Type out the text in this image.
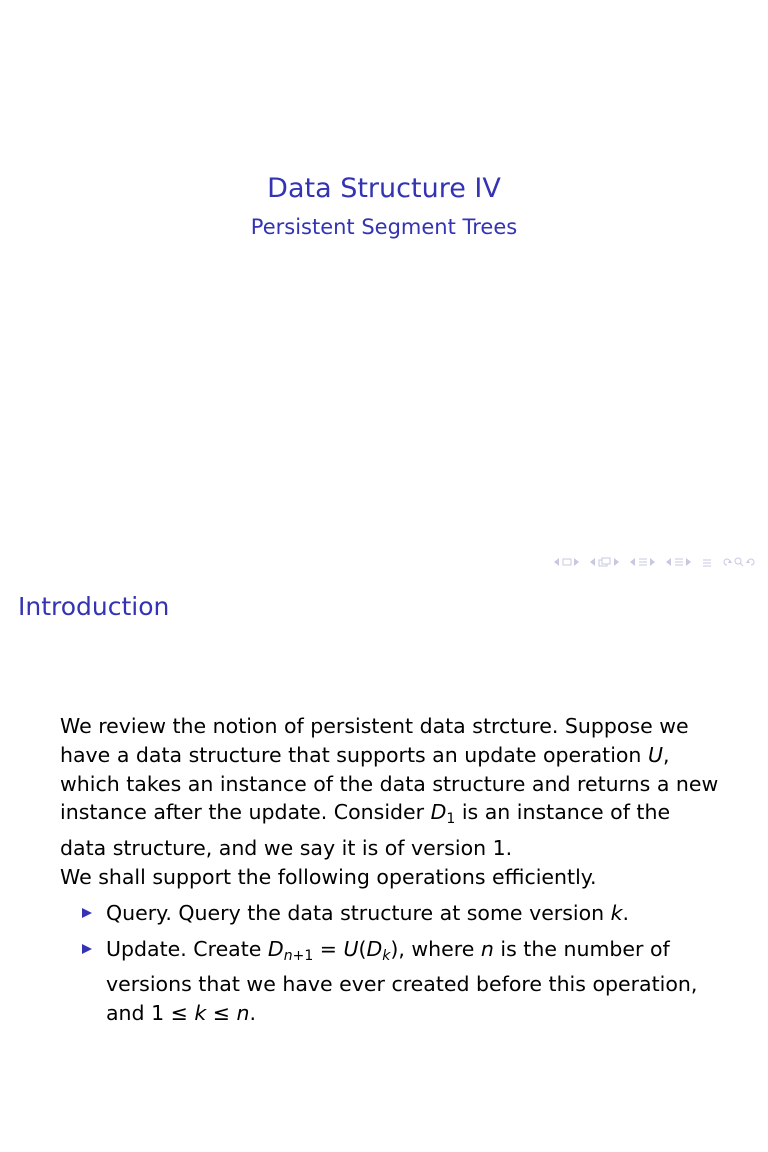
Data Structure IV
Persistent Segment Trees
Introduction

We review the notion of persistent data strcture. Suppose we have a data structure that supports an update operation U, which takes an instance of the data structure and returns a new instance after the update. Consider $D_1$ is an instance of the data structure, and we say it is of version 1.

We shall support the following operations efficiently.

Query. Query the data structure at some version k.
Update. Create $D_{n+1} = U(D_k)$, where n is the number of versions that we have ever created before this operation, and 1 ≤ k ≤ n.
